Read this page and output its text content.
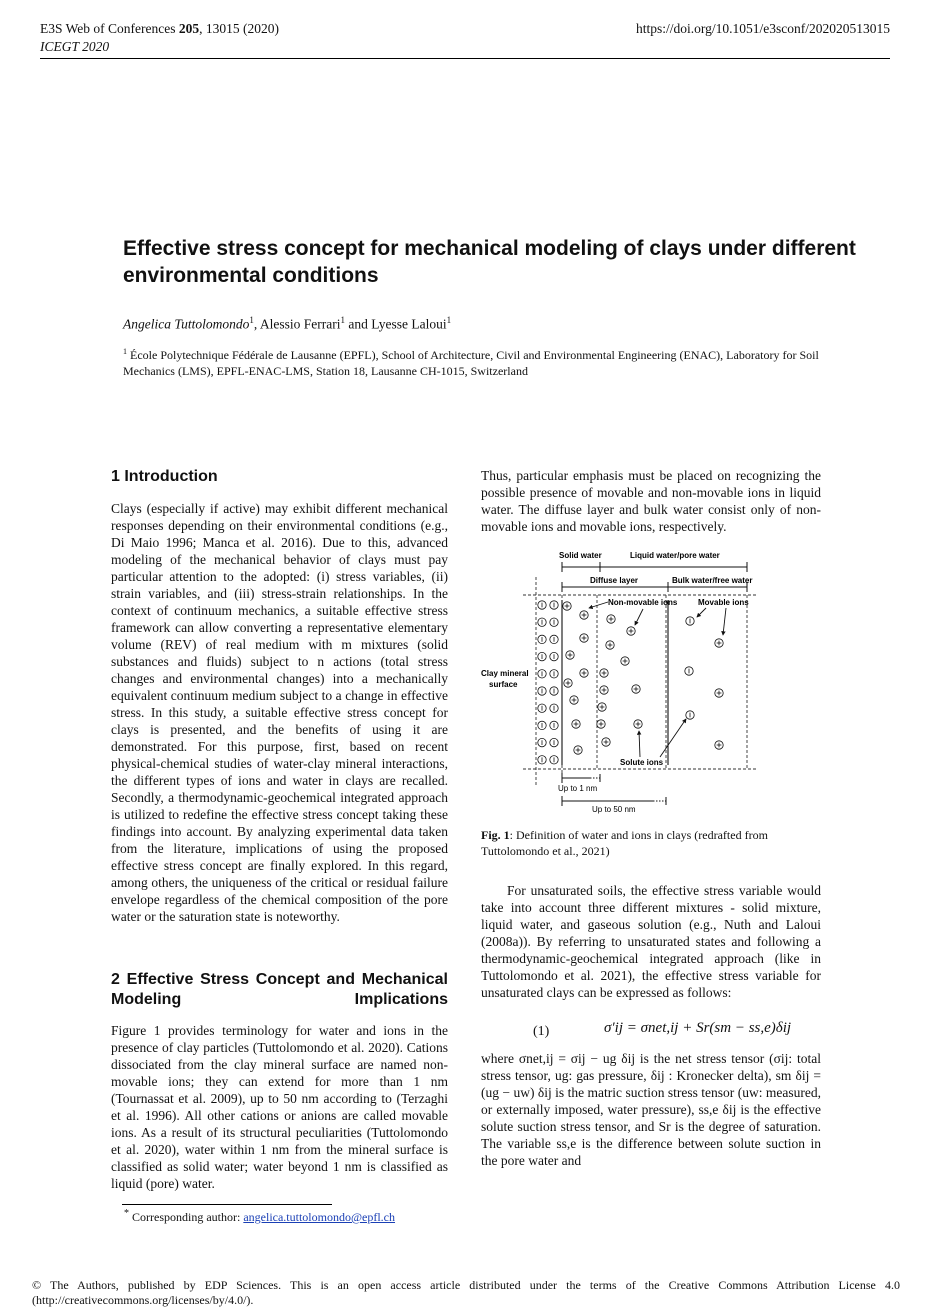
E3S Web of Conferences 205, 13015 (2020)
ICEGT 2020
https://doi.org/10.1051/e3sconf/202020513015
Effective stress concept for mechanical modeling of clays under different environmental conditions
Angelica Tuttolomondo$^1$, Alessio Ferrari$^1$ and Lyesse Laloui$^1$
$^1$ École Polytechnique Fédérale de Lausanne (EPFL), School of Architecture, Civil and Environmental Engineering (ENAC), Laboratory for Soil Mechanics (LMS), EPFL-ENAC-LMS, Station 18, Lausanne CH-1015, Switzerland
1 Introduction

Clays (especially if active) may exhibit different mechanical responses depending on their environmental conditions (e.g., Di Maio 1996; Manca et al. 2016). Due to this, advanced modeling of the mechanical behavior of clays must pay particular attention to the adopted: (i) stress variables, (ii) strain variables, and (iii) stress-strain relationships. In the context of continuum mechanics, a suitable effective stress framework can allow converting a representative elementary volume (REV) of real medium with m mixtures (solid substances and fluids) subject to n actions (total stress changes and environmental changes) into a mechanically equivalent continuum medium subject to a change in effective stress. In this study, a suitable effective stress concept for clays is presented, and the benefits of using it are demonstrated. For this purpose, first, based on recent physical-chemical studies of water-clay mineral interactions, the different types of ions and water in clays are recalled. Secondly, a thermodynamic-geochemical integrated approach is utilized to redefine the effective stress concept taking these findings into account. By analyzing experimental data taken from the literature, implications of using the proposed effective stress concept are finally explored. In this regard, among others, the uniqueness of the critical or residual failure envelope regardless of the chemical composition of the pore water or the saturation state is noteworthy.

2 Effective Stress Concept and Mechanical Modeling Implications

Figure 1 provides terminology for water and ions in the presence of clay particles (Tuttolomondo et al. 2020). Cations dissociated from the clay mineral surface are named non-movable ions; they can extend for more than 1 nm (Tournassat et al. 2009), up to 50 nm according to (Terzaghi et al. 1996). All other cations or anions are called movable ions. As a result of its structural peculiarities (Tuttolomondo et al. 2020), water within 1 nm from the mineral surface is classified as solid water; water beyond 1 nm is classified as liquid (pore) water.

Thus, particular emphasis must be placed on recognizing the possible presence of movable and non-movable ions in liquid water. The diffuse layer and bulk water consist only of non-movable ions and movable ions, respectively.

Solid water	Liquid water/pore water
Diffuse layer	Bulk water/free water
Non-movable ions	Movable ions
Clay mineral
surface
Solute ions
Up to 1 nm
Up to 50 nm
Fig. 1: Definition of water and ions in clays (redrafted from Tuttolomondo et al., 2021)

For unsaturated soils, the effective stress variable would take into account three different mixtures - solid mixture, liquid water, and gaseous solution (e.g., Nuth and Laloui (2008a)). By referring to unsaturated states and following a thermodynamic-geochemical integrated approach (like in Tuttolomondo et al. 2021), the effective stress variable for unsaturated clays can be expressed as follows:

(1)	σ′ij = σnet,ij + Sr(sm − ss,e)δij

where σnet,ij = σij − ug δij is the net stress tensor (σij: total stress tensor, ug: gas pressure, δij : Kronecker delta), sm δij = (ug − uw) δij is the matric suction stress tensor (uw: measured, or externally imposed, water pressure), ss,e δij is the effective solute suction stress tensor, and Sr is the degree of saturation. The variable ss,e is the difference between solute suction in the pore water and

* Corresponding author: angelica.tuttolomondo@epfl.ch
© The Authors, published by EDP Sciences. This is an open access article distributed under the terms of the Creative Commons Attribution License 4.0 (http://creativecommons.org/licenses/by/4.0/).
